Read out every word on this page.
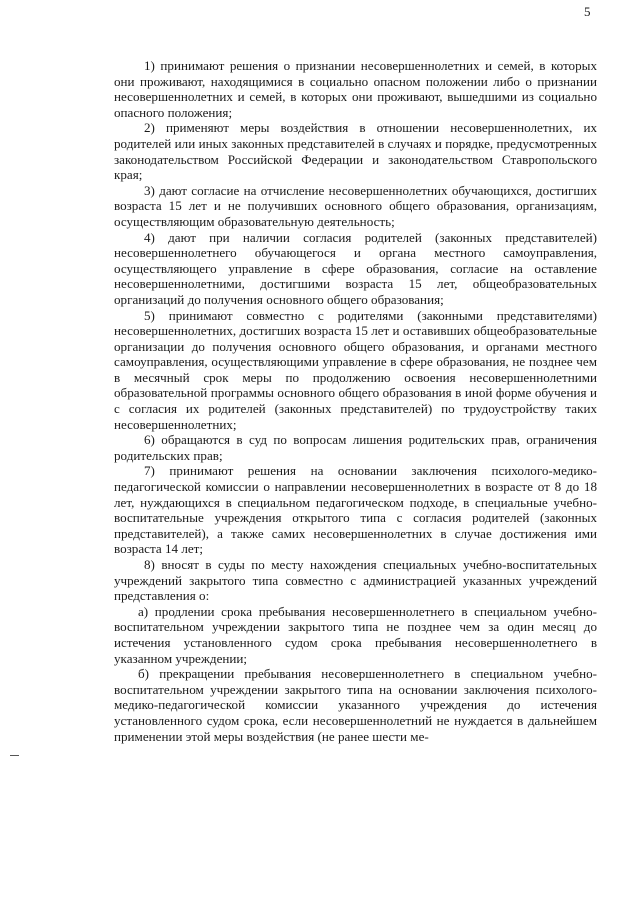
5

1) принимают решения о признании несовершеннолетних и семей, в которых они проживают, находящимися в социально опасном положении либо о признании несовершеннолетних и семей, в которых они проживают, вышедшими из социально опасного положения;

2) применяют меры воздействия в отношении несовершеннолетних, их родителей или иных законных представителей в случаях и порядке, предусмотренных законодательством Российской Федерации и законодательством Ставропольского края;

3) дают согласие на отчисление несовершеннолетних обучающихся, достигших возраста 15 лет и не получивших основного общего образования, организациям, осуществляющим образовательную деятельность;

4) дают при наличии согласия родителей (законных представителей) несовершеннолетнего обучающегося и органа местного самоуправления, осуществляющего управление в сфере образования, согласие на оставление несовершеннолетними, достигшими возраста 15 лет, общеобразовательных организаций до получения основного общего образования;

5) принимают совместно с родителями (законными представителями) несовершеннолетних, достигших возраста 15 лет и оставивших общеобразовательные организации до получения основного общего образования, и органами местного самоуправления, осуществляющими управление в сфере образования, не позднее чем в месячный срок меры по продолжению освоения несовершеннолетними образовательной программы основного общего образования в иной форме обучения и с согласия их родителей (законных представителей) по трудоустройству таких несовершеннолетних;

6) обращаются в суд по вопросам лишения родительских прав, ограничения родительских прав;

7) принимают решения на основании заключения психолого-медико-педагогической комиссии о направлении несовершеннолетних в возрасте от 8 до 18 лет, нуждающихся в специальном педагогическом подходе, в специальные учебно-воспитательные учреждения открытого типа с согласия родителей (законных представителей), а также самих несовершеннолетних в случае достижения ими возраста 14 лет;

8) вносят в суды по месту нахождения специальных учебно-воспитательных учреждений закрытого типа совместно с администрацией указанных учреждений представления о:

а) продлении срока пребывания несовершеннолетнего в специальном учебно-воспитательном учреждении закрытого типа не позднее чем за один месяц до истечения установленного судом срока пребывания несовершеннолетнего в указанном учреждении;

б) прекращении пребывания несовершеннолетнего в специальном учебно-воспитательном учреждении закрытого типа на основании заключения психолого-медико-педагогической комиссии указанного учреждения до истечения установленного судом срока, если несовершеннолетний не нуждается в дальнейшем применении этой меры воздействия (не ранее шести ме-
